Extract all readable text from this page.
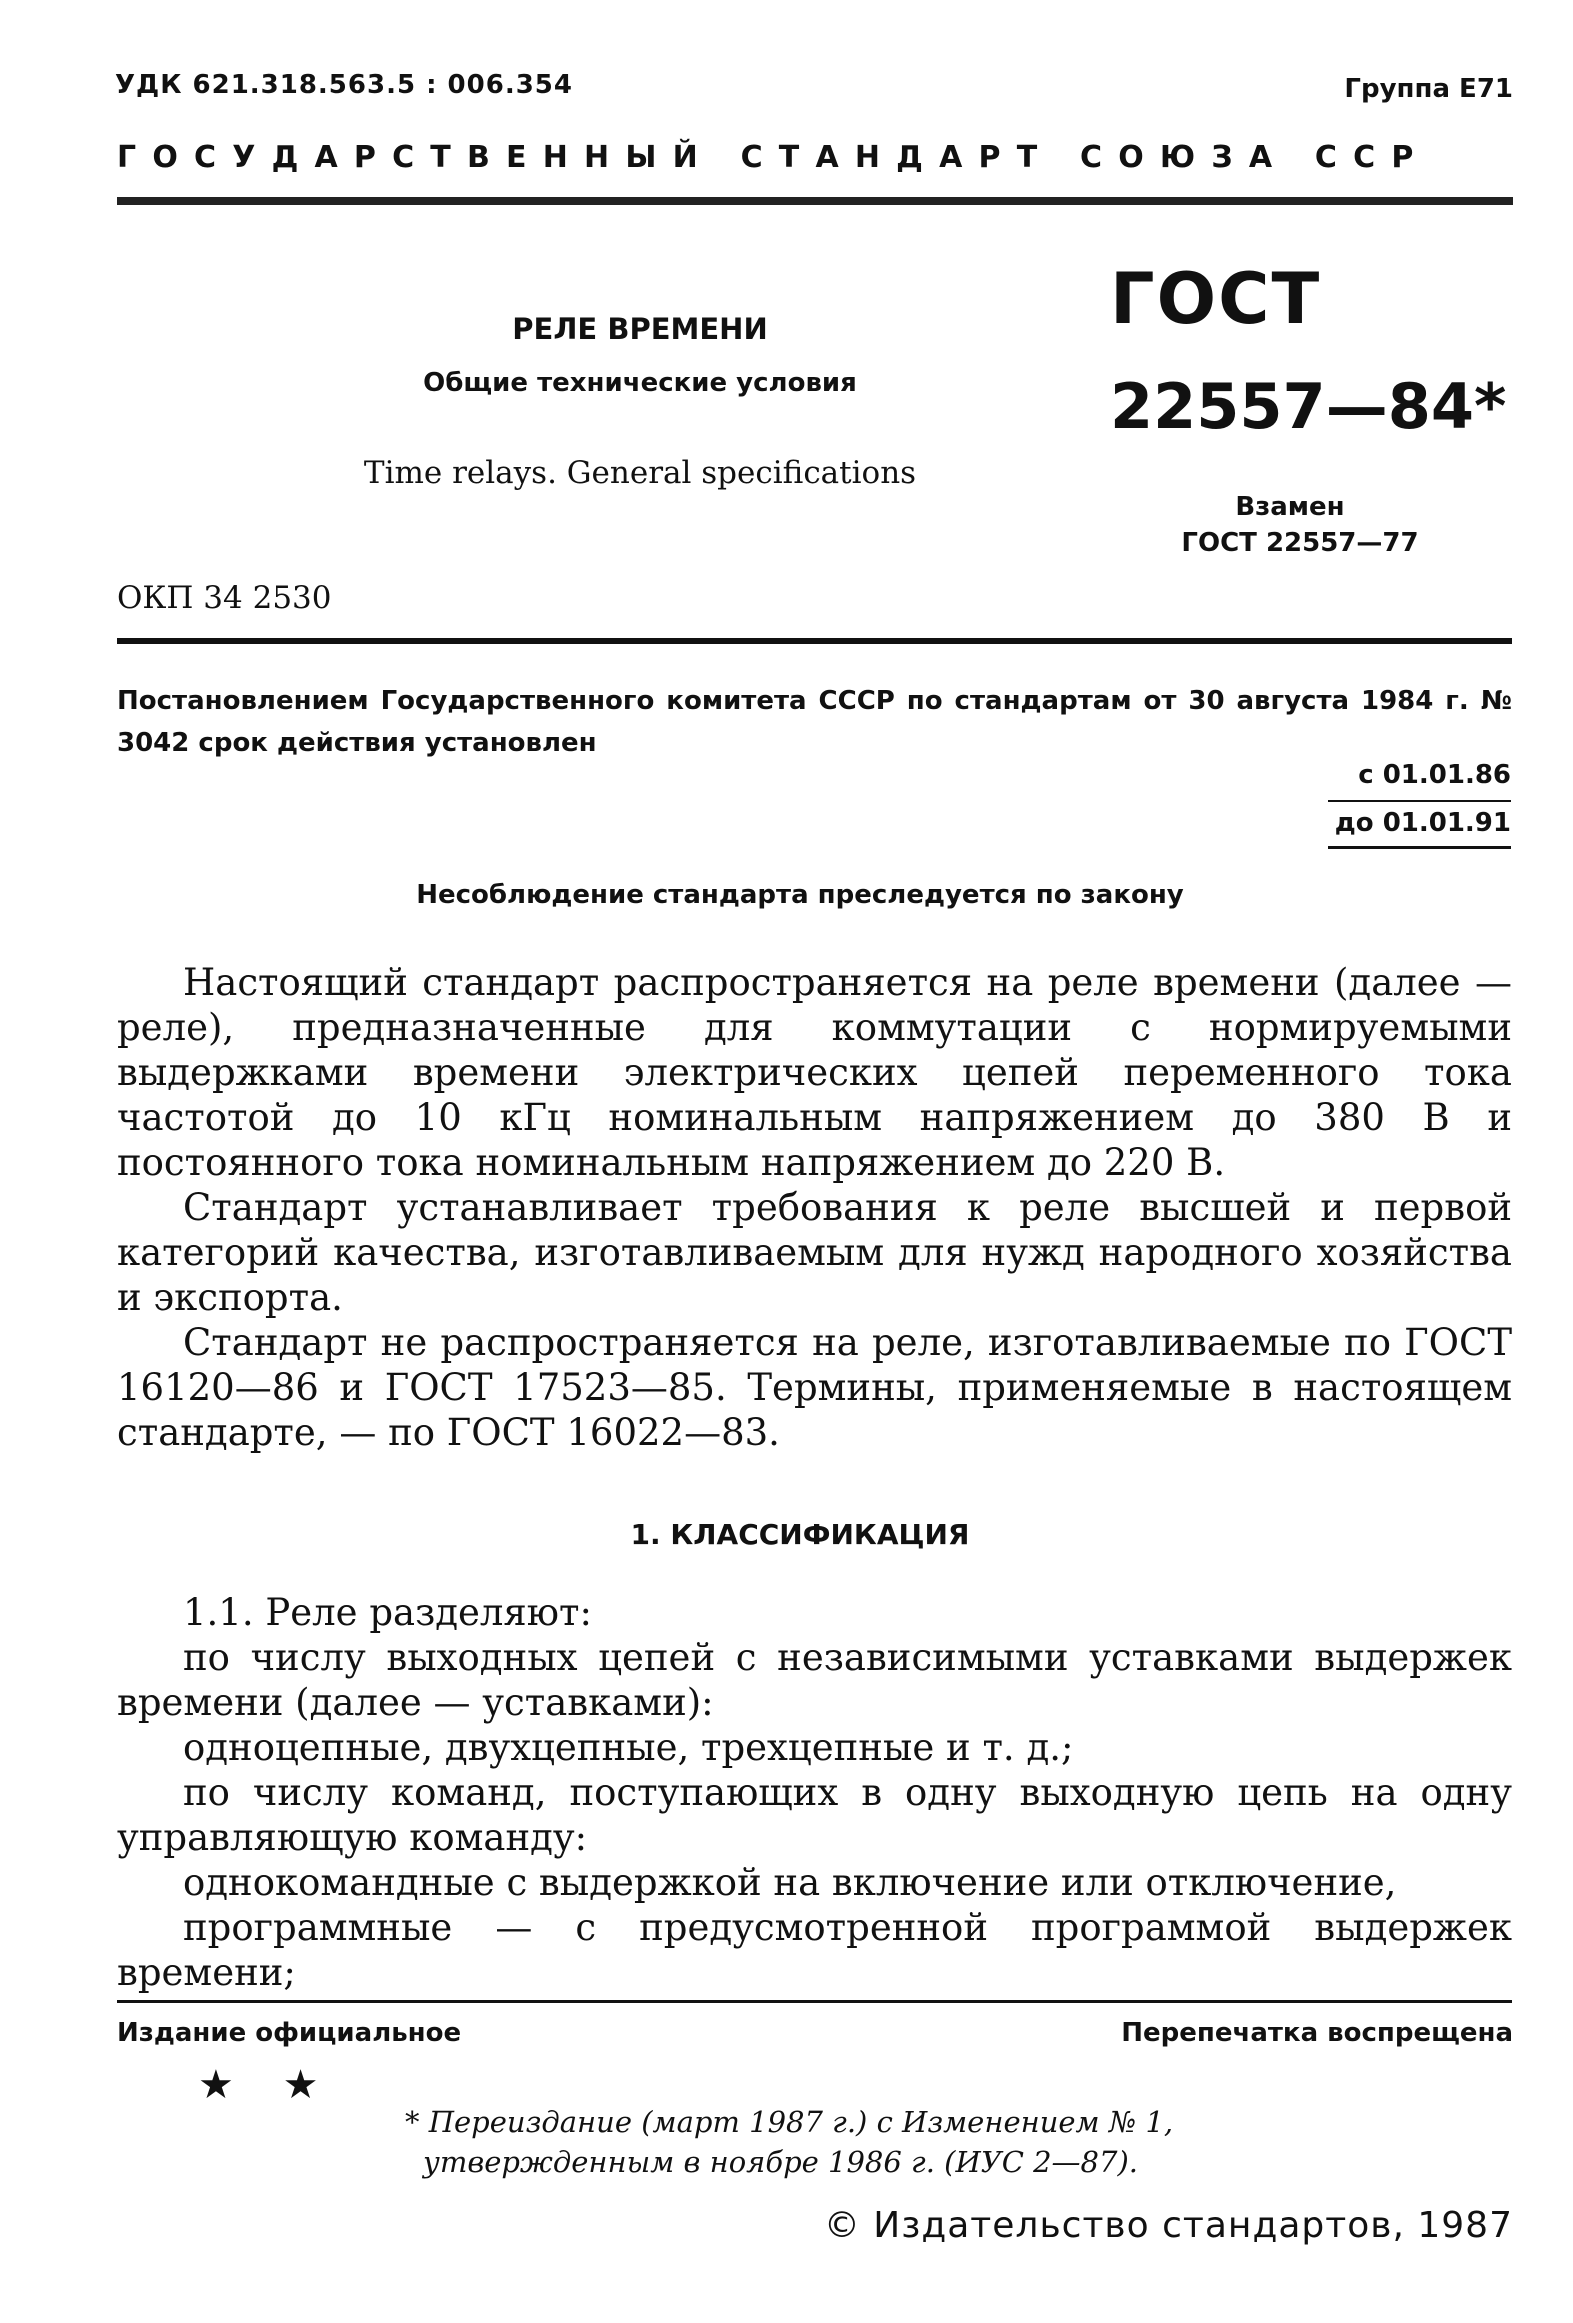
УДК 621.318.563.5 : 006.354	Группа Е71
ГОСУДАРСТВЕННЫЙ СТАНДАРТ СОЮЗА ССР
РЕЛЕ ВРЕМЕНИ
Общие технические условия
Time relays. General specifications
ОКП 34 2530
ГОСТ
22557—84*
Взамен
ГОСТ 22557—77
Постановлением Государственного комитета СССР по стандартам от 30 августа 1984 г. № 3042 срок действия установлен
с 01.01.86
до 01.01.91
Несоблюдение стандарта преследуется по закону

Настоящий стандарт распространяется на реле времени (далее — реле), предназначенные для коммутации с нормируемыми выдержками времени электрических цепей переменного тока частотой до 10 кГц номинальным напряжением до 380 В и постоянного тока номинальным напряжением до 220 В.

Стандарт устанавливает требования к реле высшей и первой категорий качества, изготавливаемым для нужд народного хозяйства и экспорта.

Стандарт не распространяется на реле, изготавливаемые по ГОСТ 16120—86 и ГОСТ 17523—85. Термины, применяемые в настоящем стандарте, — по ГОСТ 16022—83.

1. КЛАССИФИКАЦИЯ

1.1. Реле разделяют:

по числу выходных цепей с независимыми уставками выдержек времени (далее — уставками):

одноцепные, двухцепные, трехцепные и т. д.;

по числу команд, поступающих в одну выходную цепь на одну управляющую команду:

однокомандные с выдержкой на включение или отключение,

программные — с предусмотренной программой выдержек времени;

Издание официальное	Перепечатка воспрещена
★ ★
* Переиздание (март 1987 г.) с Изменением № 1,
утвержденным в ноябре 1986 г. (ИУС 2—87).
© Издательство стандартов, 1987
